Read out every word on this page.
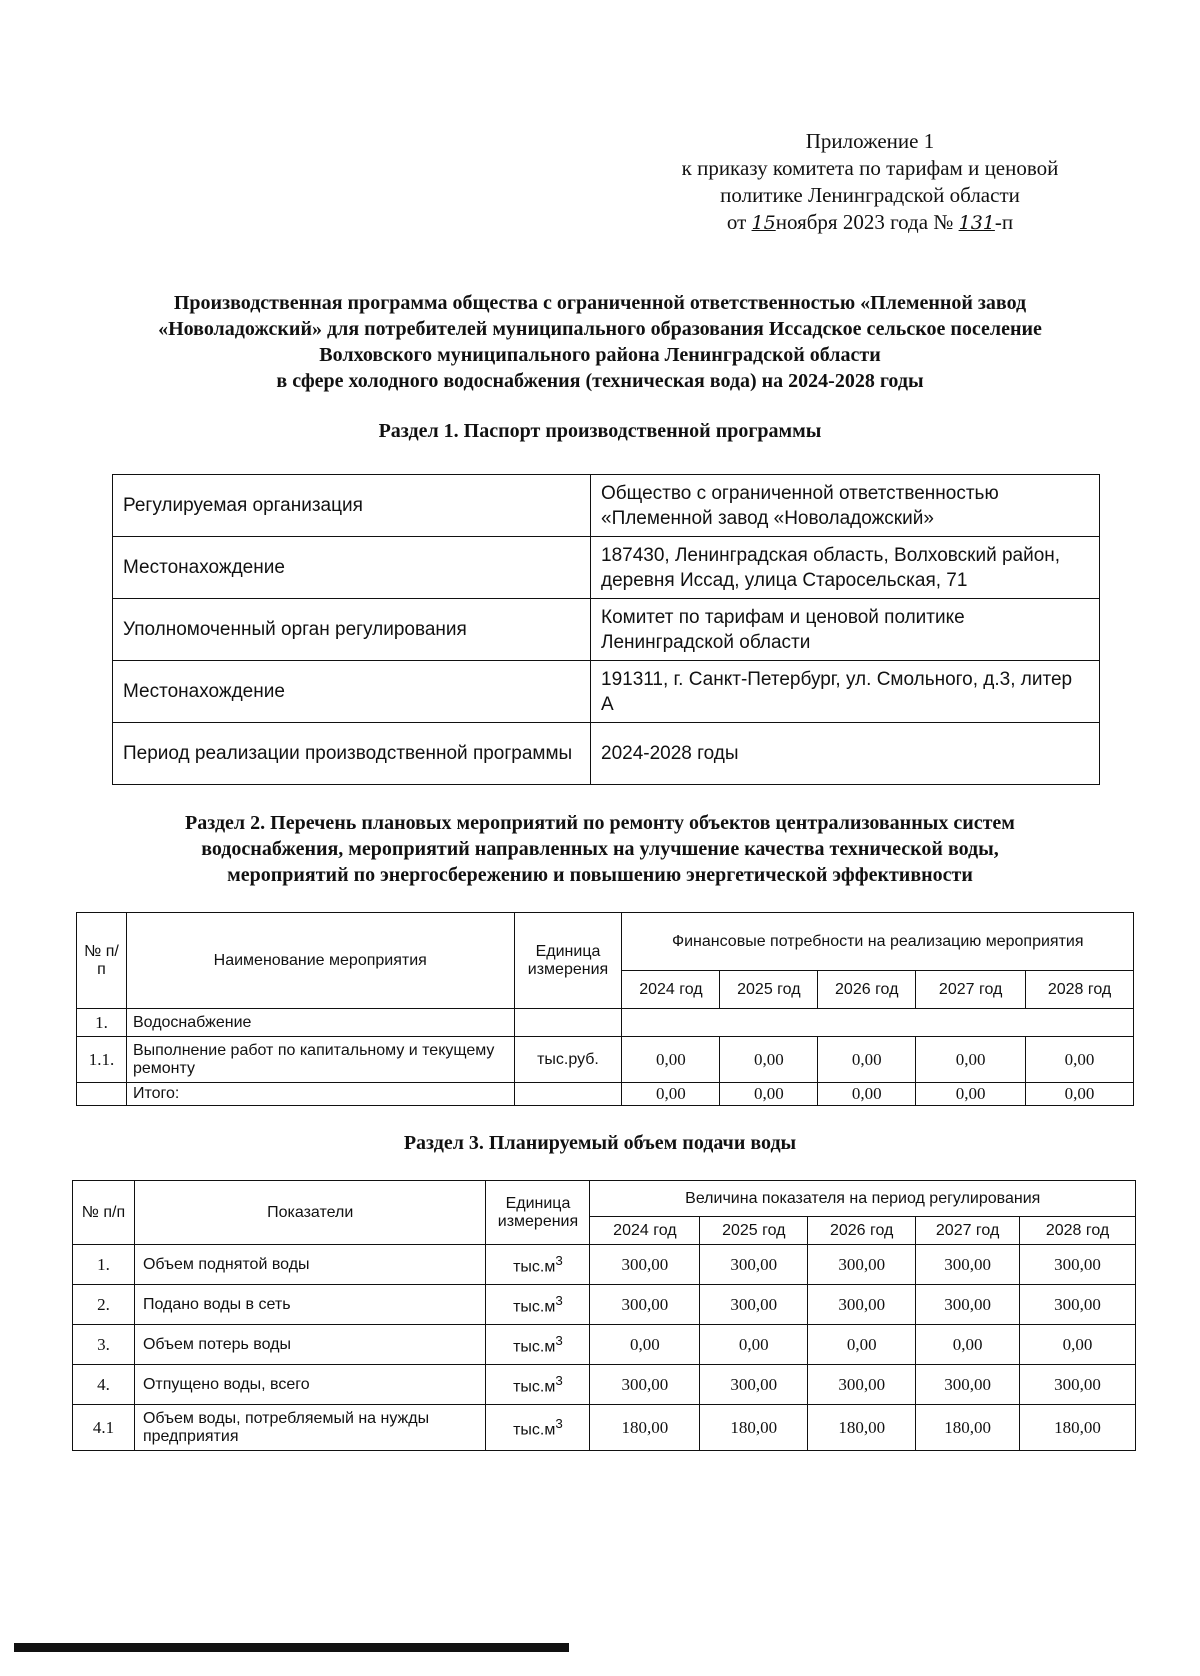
Приложение 1
к приказу комитета по тарифам и ценовой
политике Ленинградской области
от 15ноября 2023 года № 131-п
Производственная программа общества с ограниченной ответственностью «Племенной завод
«Новоладожский» для потребителей муниципального образования Иссадское сельское поселение
Волховского муниципального района Ленинградской области
в сфере холодного водоснабжения (техническая вода) на 2024-2028 годы
Раздел 1. Паспорт производственной программы
Регулируемая организация	Общество с ограниченной ответственностью «Племенной завод «Новоладожский»
Местонахождение	187430, Ленинградская область, Волховский район, деревня Иссад, улица Старосельская, 71
Уполномоченный орган регулирования	Комитет по тарифам и ценовой политике Ленинградской области
Местонахождение	191311, г. Санкт-Петербург, ул. Смольного, д.3, литер А
Период реализации производственной программы	2024-2028 годы
Раздел 2. Перечень плановых мероприятий по ремонту объектов централизованных систем
водоснабжения, мероприятий направленных на улучшение качества технической воды,
мероприятий по энергосбережению и повышению энергетической эффективности
№ п/п	Наименование мероприятия	Единица измерения	Финансовые потребности на реализацию мероприятия				
			2024 год	2025 год	2026 год	2027 год	2028 год
1.	Водоснабжение						
1.1.	Выполнение работ по капитальному и текущему ремонту	тыс.руб.	0,00	0,00	0,00	0,00	0,00
	Итого:		0,00	0,00	0,00	0,00	0,00
Раздел 3. Планируемый объем подачи воды
№ п/п	Показатели	Единица измерения	Величина показателя на период регулирования				
			2024 год	2025 год	2026 год	2027 год	2028 год
1.	Объем поднятой воды	$тыс.м^3$	300,00	300,00	300,00	300,00	300,00
2.	Подано воды в сеть	$тыс.м^3$	300,00	300,00	300,00	300,00	300,00
3.	Объем потерь воды	$тыс.м^3$	0,00	0,00	0,00	0,00	0,00
4.	Отпущено воды, всего	$тыс.м^3$	300,00	300,00	300,00	300,00	300,00
4.1	Объем воды, потребляемый на нужды предприятия	$тыс.м^3$	180,00	180,00	180,00	180,00	180,00
